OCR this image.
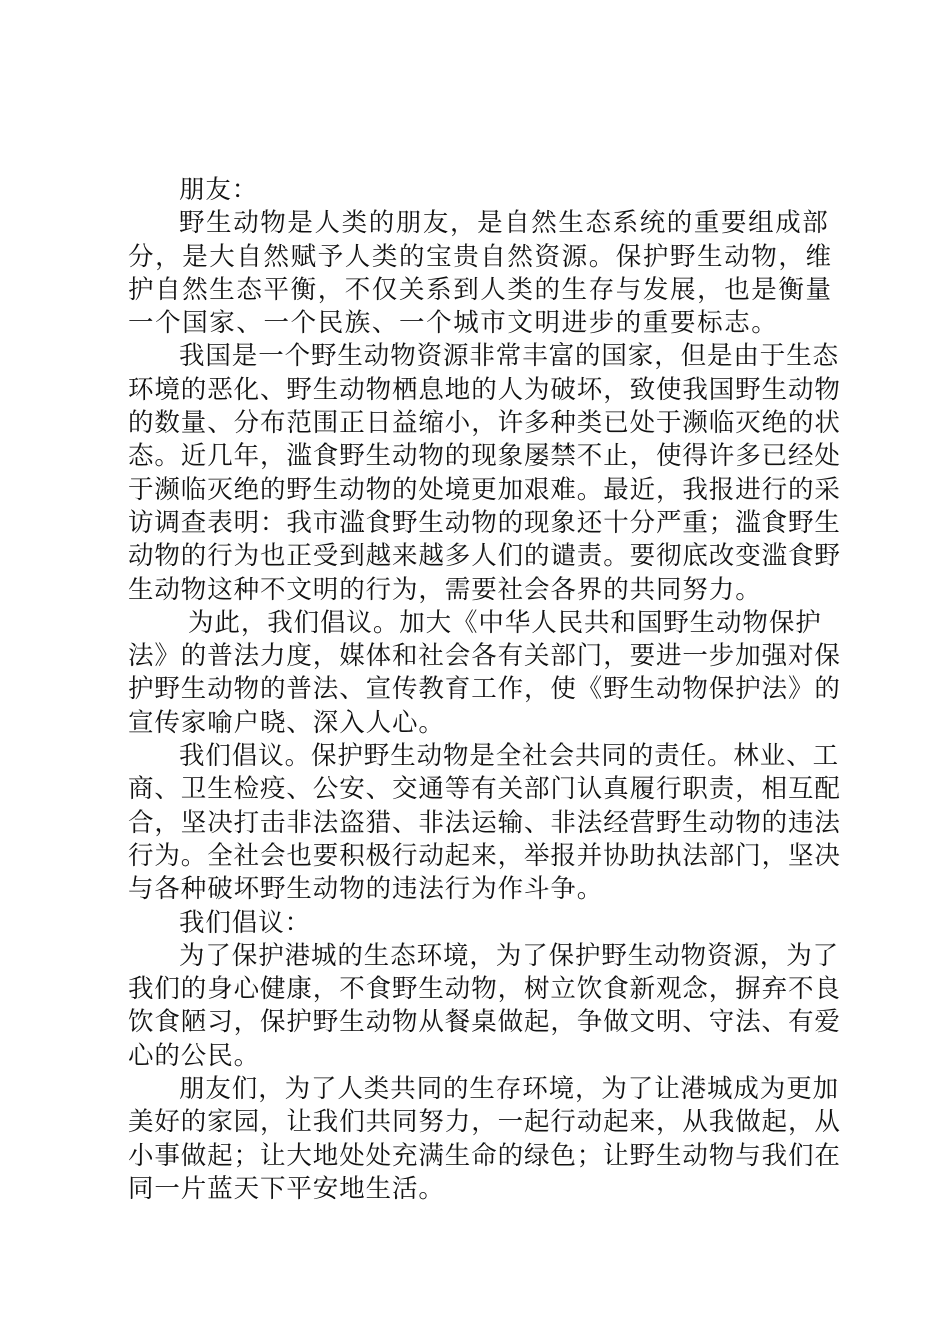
朋友：

野生动物是人类的朋友，是自然生态系统的重要组成部分，是大自然赋予人类的宝贵自然资源。保护野生动物，维护自然生态平衡，不仅关系到人类的生存与发展，也是衡量一个国家、一个民族、一个城市文明进步的重要标志。

我国是一个野生动物资源非常丰富的国家，但是由于生态环境的恶化、野生动物栖息地的人为破坏，致使我国野生动物的数量、分布范围正日益缩小，许多种类已处于濒临灭绝的状态。近几年，滥食野生动物的现象屡禁不止，使得许多已经处于濒临灭绝的野生动物的处境更加艰难。最近，我报进行的采访调查表明：我市滥食野生动物的现象还十分严重；滥食野生动物的行为也正受到越来越多人们的谴责。要彻底改变滥食野生动物这种不文明的行为，需要社会各界的共同努力。

为此，我们倡议。加大《中华人民共和国野生动物保护法》的普法力度，媒体和社会各有关部门，要进一步加强对保护野生动物的普法、宣传教育工作，使《野生动物保护法》的宣传家喻户晓、深入人心。

我们倡议。保护野生动物是全社会共同的责任。林业、工商、卫生检疫、公安、交通等有关部门认真履行职责，相互配合，坚决打击非法盗猎、非法运输、非法经营野生动物的违法行为。全社会也要积极行动起来，举报并协助执法部门，坚决与各种破坏野生动物的违法行为作斗争。

我们倡议：

为了保护港城的生态环境，为了保护野生动物资源，为了我们的身心健康，不食野生动物，树立饮食新观念，摒弃不良饮食陋习，保护野生动物从餐桌做起，争做文明、守法、有爱心的公民。

朋友们，为了人类共同的生存环境，为了让港城成为更加美好的家园，让我们共同努力，一起行动起来，从我做起，从小事做起；让大地处处充满生命的绿色；让野生动物与我们在同一片蓝天下平安地生活。
